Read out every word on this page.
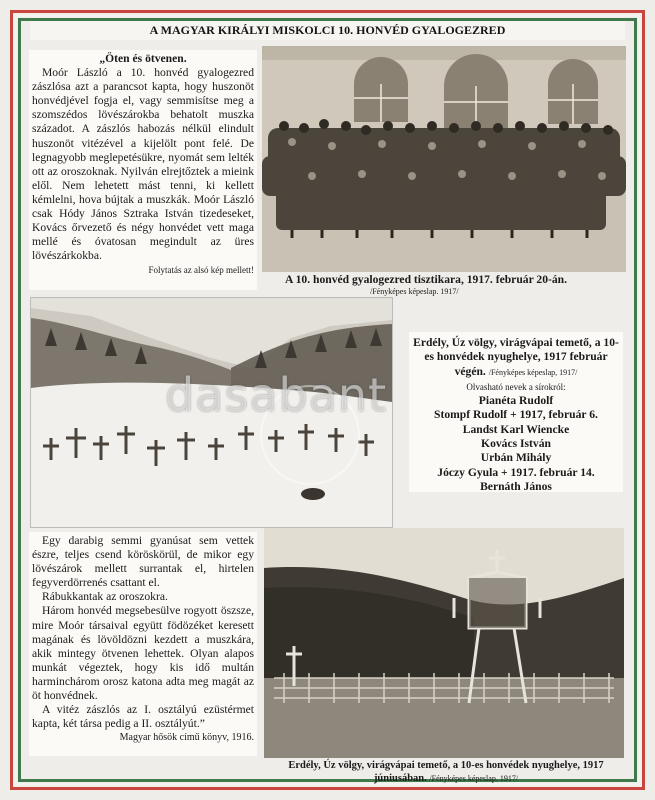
A MAGYAR KIRÁLYI MISKOLCI 10. HONVÉD GYALOGEZRED

„Öten és ötvenen.

Moór László a 10. honvéd gyalogezred zászlósa azt a parancsot kapta, hogy huszonöt honvédjével fogja el, vagy semmisítse meg a szomszédos lövészárokba behatolt muszka századot. A zászlós habozás nélkül elindult huszonöt vitézével a kijelölt pont felé. De legnagyobb meglepetésükre, nyomát sem lelték ott az oroszoknak. Nyilván elrejtőztek a mieink elől. Nem lehetett mást tenni, ki kellett kémlelni, hova bújtak a muszkák. Moór László csak Hódy János Sztraka István tizedeseket, Kovács őrvezető és négy honvédet vett maga mellé és óvatosan megindult az üres lövészárkokba.

Folytatás az alsó kép mellett!

A 10. honvéd gyalogezred tisztikara, 1917. február 20-án.
/Fényképes képeslap. 1917/

Erdély, Úz völgy, virágvápai temető, a 10-es honvédek nyughelye, 1917 február végén. /Fényképes képeslap, 1917/

Olvasható nevek a sírokról:

Pianéta Rudolf

Stompf Rudolf + 1917, február 6.

Landst Karl Wiencke

Kovács István

Urbán Mihály

Jóczy Gyula + 1917. február 14.

Bernáth János

Egy darabig semmi gyanúsat sem vettek észre, teljes csend köröskörül, de mikor egy lövészárok mellett surrantak el, hirtelen fegyverdörrenés csattant el.

Rábukkantak az oroszokra.

Három honvéd megsebesülve rogyott öszsze, mire Moór társaival együtt födözéket keresett magának és lövöldözni kezdett a muszkára, akik mintegy ötvenen lehettek. Olyan alapos munkát végeztek, hogy kis idő multán harminchárom orosz katona adta meg magát az öt honvédnek.

A vitéz zászlós az I. osztályú ezüstérmet kapta, két társa pedig a II. osztályút.”

Magyar hősök című könyv, 1916.

Erdély, Úz völgy, virágvápai temető, a 10-es honvédek nyughelye, 1917 júniusában. /Fényképes képeslap. 1917/
dasabant
